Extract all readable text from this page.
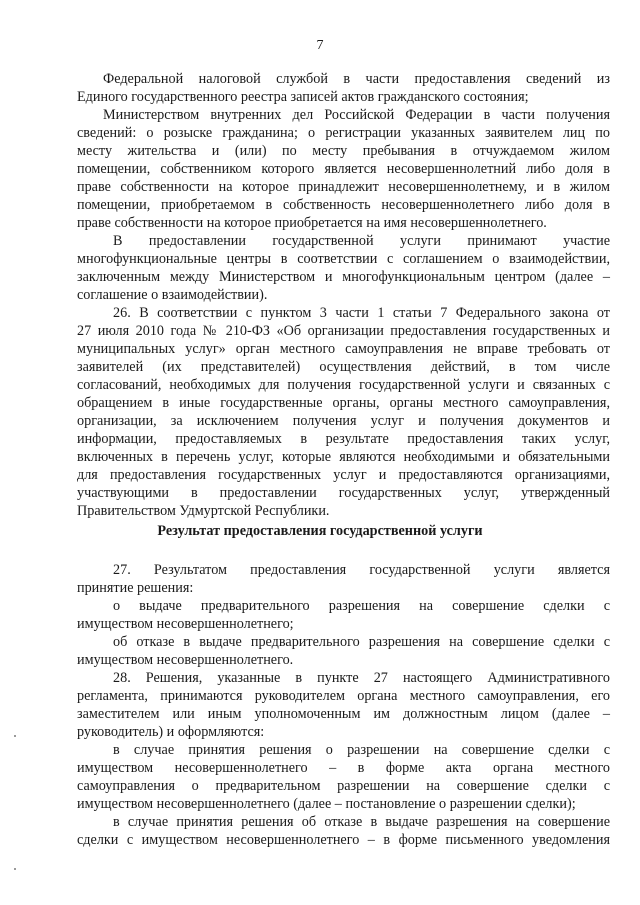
7
Федеральной налоговой службой в части предоставления сведений из
Единого государственного реестра записей актов гражданского состояния;
Министерством внутренних дел Российской Федерации в части получения
сведений: о розыске гражданина; о регистрации указанных заявителем лиц по
месту жительства и (или) по месту пребывания в отчуждаемом жилом
помещении, собственником которого является несовершеннолетний либо доля в
праве собственности на которое принадлежит несовершеннолетнему, и в жилом
помещении, приобретаемом в собственность несовершеннолетнего либо доля в
праве собственности на которое приобретается на имя несовершеннолетнего.
В предоставлении государственной услуги принимают участие
многофункциональные центры в соответствии с соглашением о взаимодействии,
заключенным между Министерством и многофункциональным центром (далее –
соглашение о взаимодействии).
26. В соответствии с пунктом 3 части 1 статьи 7 Федерального закона от
27 июля 2010 года № 210-ФЗ «Об организации предоставления государственных и
муниципальных услуг» орган местного самоуправления не вправе требовать от
заявителей (их представителей) осуществления действий, в том числе
согласований, необходимых для получения государственной услуги и связанных с
обращением в иные государственные органы, органы местного самоуправления,
организации, за исключением получения услуг и получения документов и
информации, предоставляемых в результате предоставления таких услуг,
включенных в перечень услуг, которые являются необходимыми и обязательными
для предоставления государственных услуг и предоставляются организациями,
участвующими в предоставлении государственных услуг, утвержденный
Правительством Удмуртской Республики.
Результат предоставления государственной услуги
27. Результатом предоставления государственной услуги является
принятие решения:
о выдаче предварительного разрешения на совершение сделки с
имуществом несовершеннолетнего;
об отказе в выдаче предварительного разрешения на совершение сделки с
имуществом несовершеннолетнего.
28. Решения, указанные в пункте 27 настоящего Административного
регламента, принимаются руководителем органа местного самоуправления, его
заместителем или иным уполномоченным им должностным лицом (далее –
руководитель) и оформляются:
в случае принятия решения о разрешении на совершение сделки с
имуществом несовершеннолетнего – в форме акта органа местного
самоуправления о предварительном разрешении на совершение сделки с
имуществом несовершеннолетнего (далее – постановление о разрешении сделки);
в случае принятия решения об отказе в выдаче разрешения на совершение
сделки с имуществом несовершеннолетнего – в форме письменного уведомления
